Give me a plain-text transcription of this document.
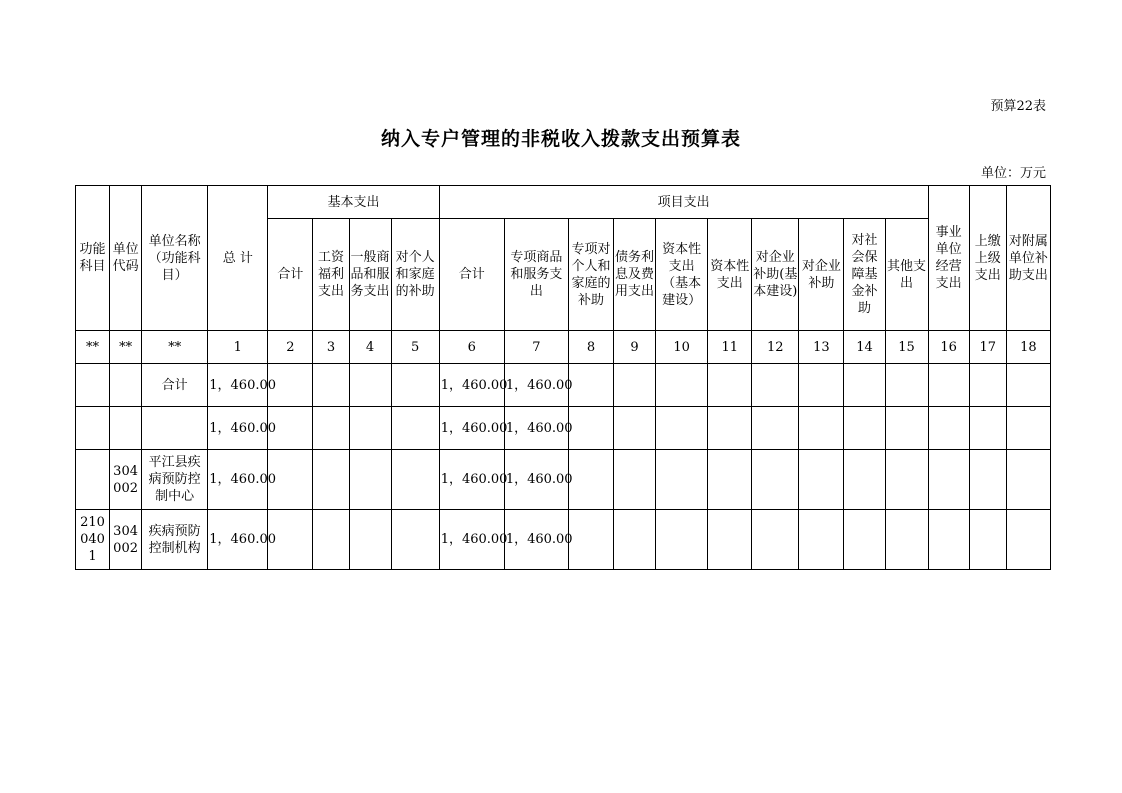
预算22表
纳入专户管理的非税收入拨款支出预算表
单位：万元
功能科目	单位代码	单位名称（功能科目）	总 计	基本支出				项目支出										事业单位经营支出	上缴上级支出	对附属单位补助支出
				合计	工资福利支出	一般商品和服务支出	对个人和家庭的补助	合计	专项商品和服务支出	专项对个人和家庭的补助	债务利息及费用支出	资本性支出（基本建设）	资本性支出	对企业补助(基本建设)	对企业补助	对社会保障基金补助	其他支出			
**	**	**	1	2	3	4	5	6	7	8	9	10	11	12	13	14	15	16	17	18
		合计	1，460.00					1，460.00	1，460.00											
			1，460.00					1，460.00	1，460.00											
	304002	平江县疾病预防控制中心	1，460.00					1，460.00	1，460.00											
2100401	304002	疾病预防控制机构	1，460.00					1，460.00	1，460.00											
